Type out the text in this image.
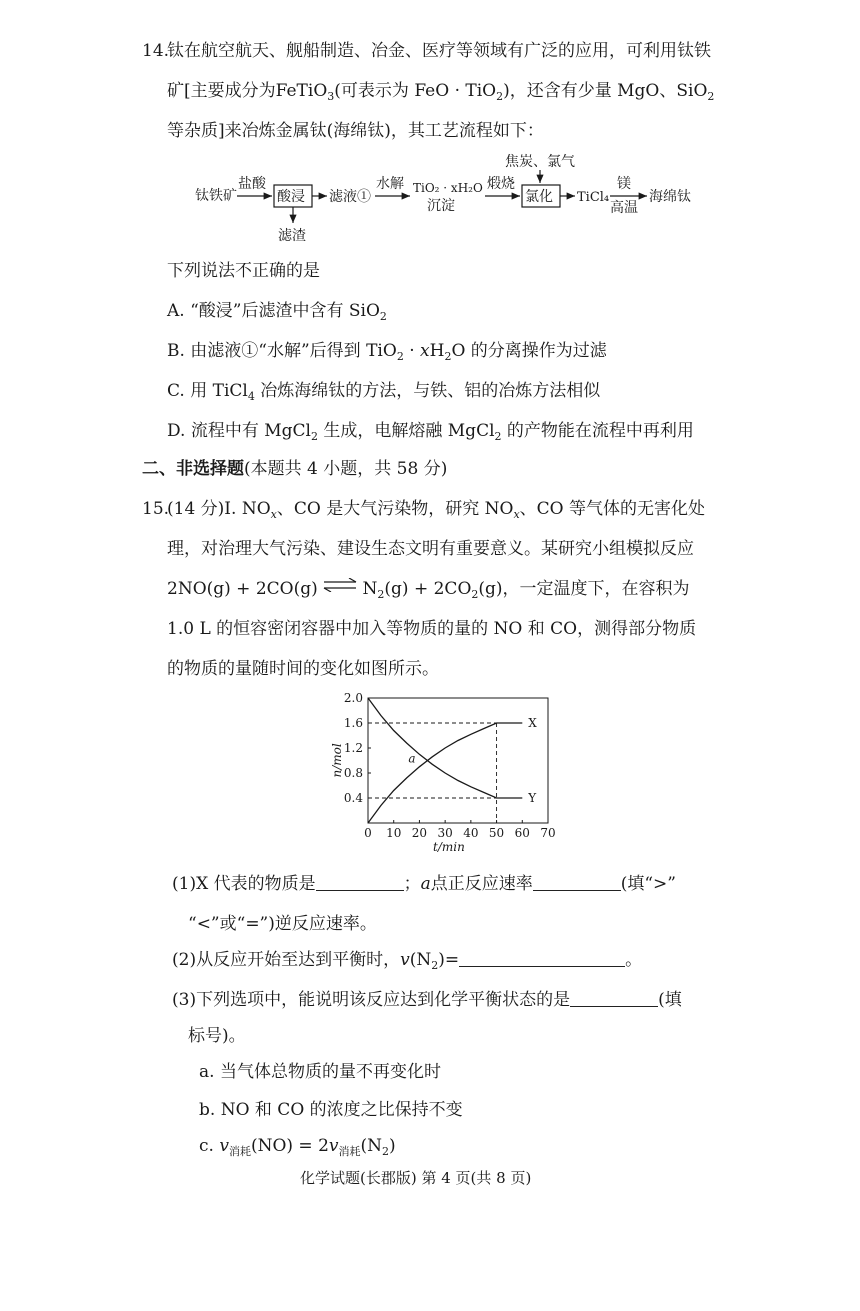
14.
钛在航空航天、舰船制造、冶金、医疗等领域有广泛的应用，可利用钛铁
矿[主要成分为FeTiO$_3$(可表示为 FeO · TiO$_2$)，还含有少量 MgO、SiO$_2$
等杂质]来冶炼金属钛(海绵钛)，其工艺流程如下：
钛铁矿
盐酸
酸浸
滤渣
滤液①
水解 TiO₂ · xH₂O
沉淀
煅烧
焦炭、氯气
氯化 TiCl₄
镁
高温
海绵钛
下列说法不正确的是
A. “酸浸”后滤渣中含有 SiO$_2$
B. 由滤液①“水解”后得到 $TiO_2 \cdot xH_2O$ 的分离操作为过滤
C. 用 TiCl$_4$ 冶炼海绵钛的方法，与铁、铝的冶炼方法相似
D. 流程中有 MgCl$_2$ 生成，电解熔融 MgCl$_2$ 的产物能在流程中再利用
二、非选择题(本题共 4 小题，共 58 分)
15.
(14 分)Ⅰ. $NO_x$、CO 是大气污染物，研究 $NO_x$、CO 等气体的无害化处
理，对治理大气污染、建设生态文明有重要意义。某研究小组模拟反应
2NO(g) + 2CO(g) ⇌ $N_2(g) + 2CO_2(g)$，一定温度下，在容积为
1.0 L 的恒容密闭容器中加入等物质的量的 NO 和 CO，测得部分物质
的物质的量随时间的变化如图所示。
0 10 20 30 40 50 60 70
0.4
0.8
1.2
1.6
2.0
t/min
n/mol
X
Y
a
(1)X 代表的物质是	；a点正反应速率	(填“>”
“<”或“=”)逆反应速率。
(2)从反应开始至达到平衡时，$v(N_2)=$	。
(3)下列选项中，能说明该反应达到化学平衡状态的是	(填
标号)。
a. 当气体总物质的量不再变化时
b. NO 和 CO 的浓度之比保持不变
c. $v_{消耗}(NO) = 2v_{消耗}(N_2)$
化学试题(长郡版) 第 4 页(共 8 页)
